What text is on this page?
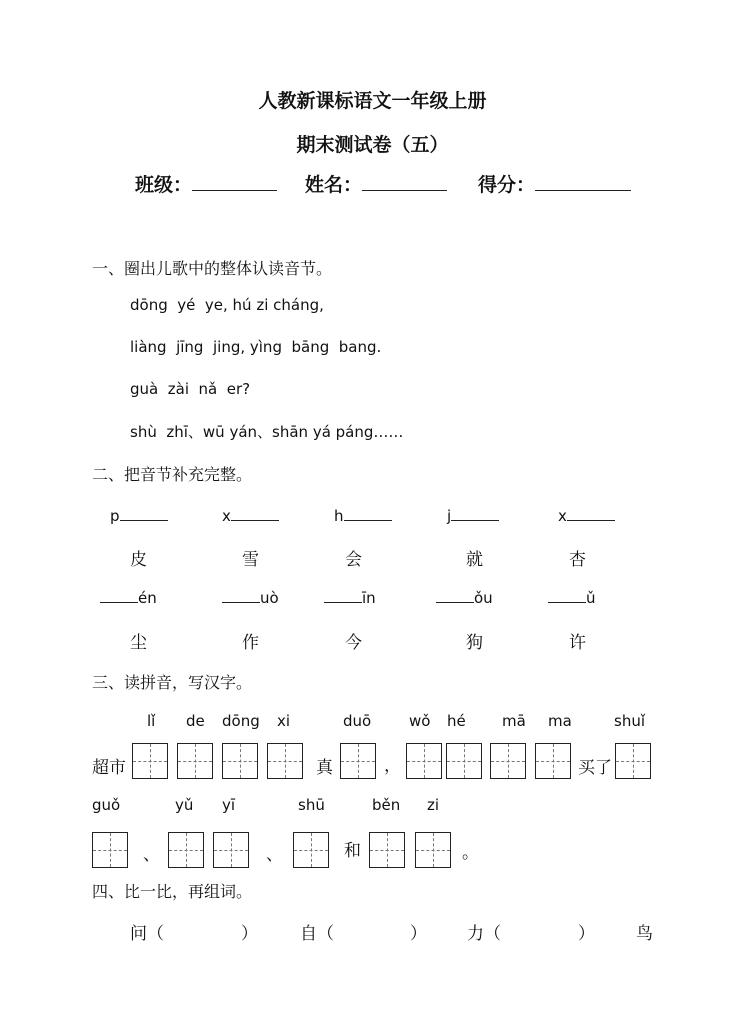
人教新课标语文一年级上册
期末测试卷（五）
班级：	姓名：	得分：
一、圈出儿歌中的整体认读音节。
dōng  yé  ye, hú zi cháng,
liàng  jīng  jing, yìng  bāng  bang.
guà  zài  nǎ  er?
shù  zhī、wū yán、shān yá páng……
二、把音节补充完整。
p	x	h	j	x
皮	雪	会	就	杏
én	uò	īn	ǒu	ǔ
尘	作	今	狗	许
三、读拼音，写汉字。
lǐ de dōng xi	duō	wǒ hé mā ma	shuǐ
超市	真	，	买了
guǒ	yǔ yī	shū	běn zi
、	、	和	。
四、比一比，再组词。
问（	） 自（	） 力（	） 鸟
